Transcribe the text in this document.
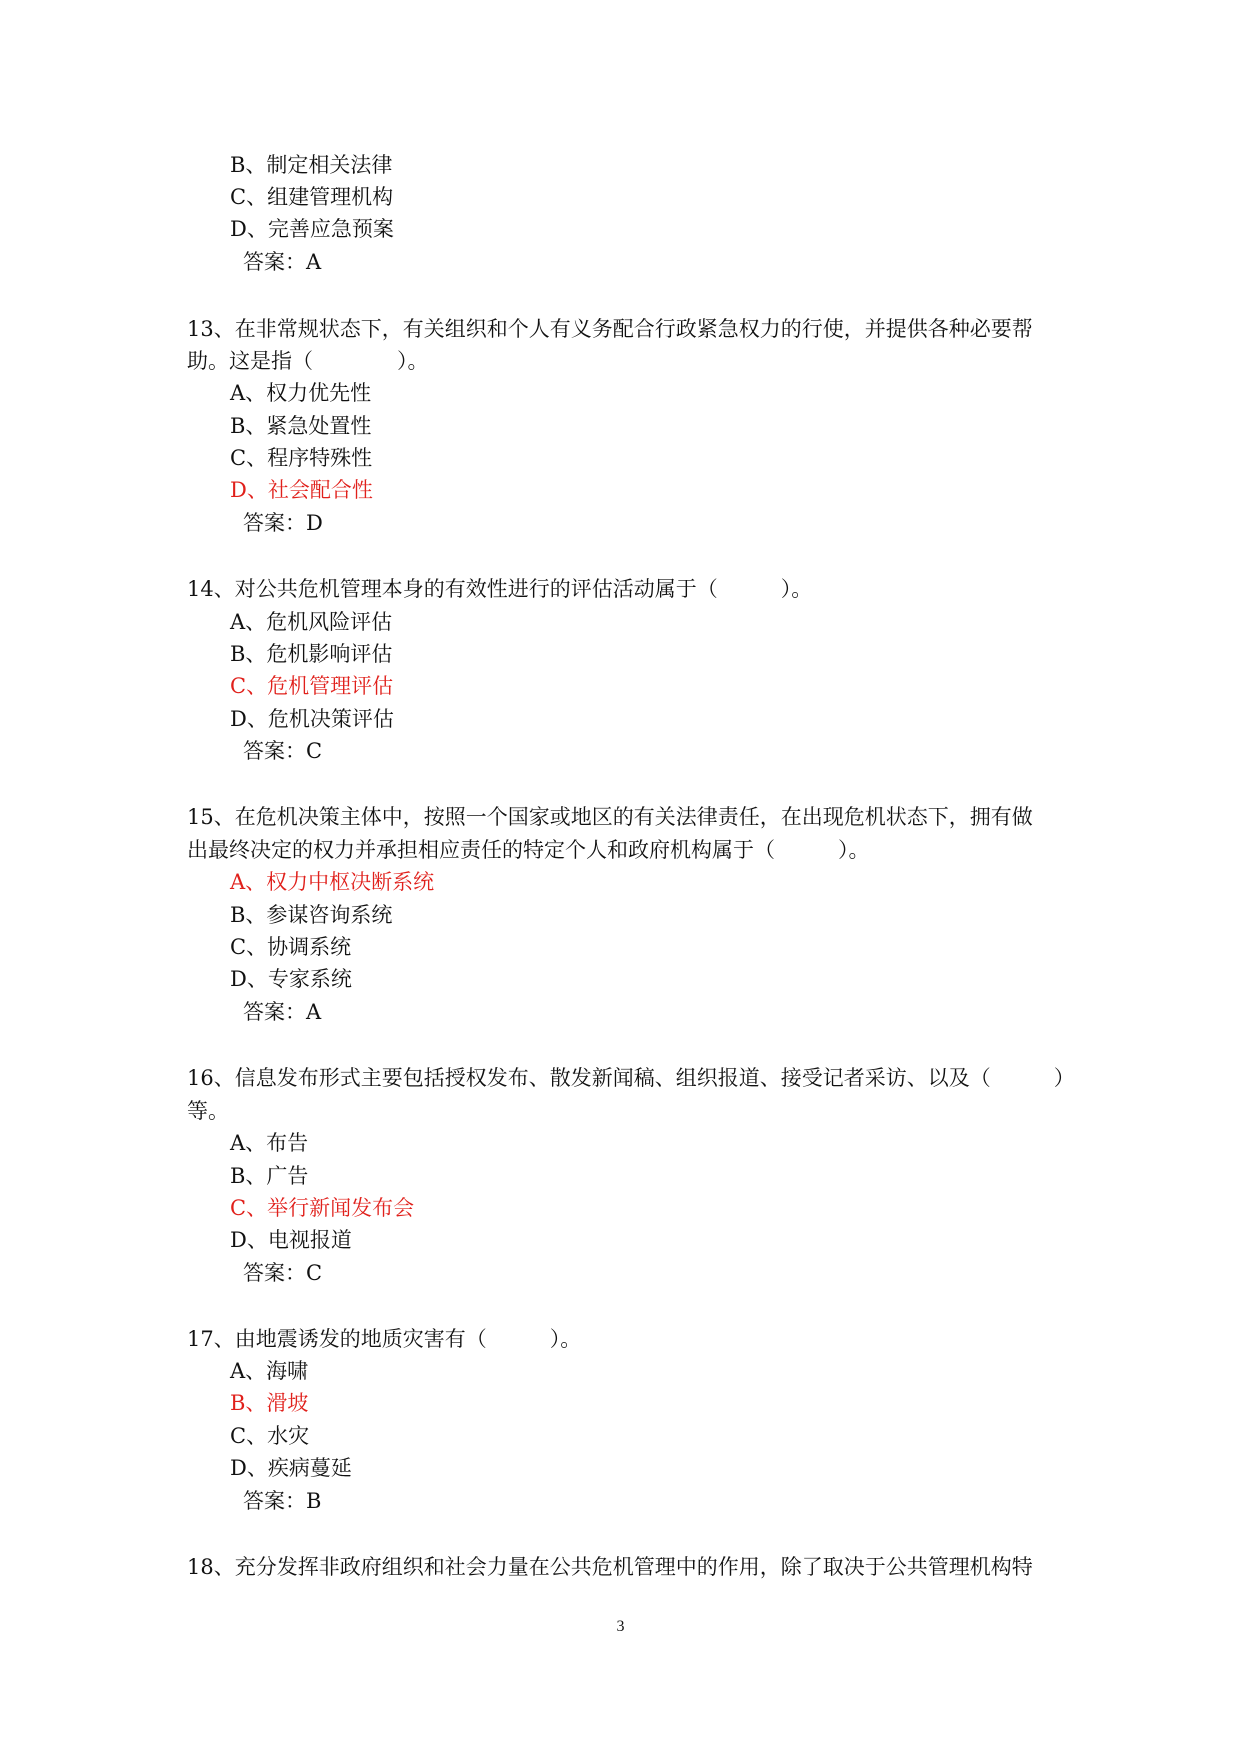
B、制定相关法律
C、组建管理机构
D、完善应急预案
答案：A
13、在非常规状态下，有关组织和个人有义务配合行政紧急权力的行使，并提供各种必要帮
助。这是指（　　　　）。
A、权力优先性
B、紧急处置性
C、程序特殊性
D、社会配合性
答案：D
14、对公共危机管理本身的有效性进行的评估活动属于（　　　）。
A、危机风险评估
B、危机影响评估
C、危机管理评估
D、危机决策评估
答案：C
15、在危机决策主体中，按照一个国家或地区的有关法律责任，在出现危机状态下，拥有做
出最终决定的权力并承担相应责任的特定个人和政府机构属于（　　　）。
A、权力中枢决断系统
B、参谋咨询系统
C、协调系统
D、专家系统
答案：A
16、信息发布形式主要包括授权发布、散发新闻稿、组织报道、接受记者采访、以及（　　　）
等。
A、布告
B、广告
C、举行新闻发布会
D、电视报道
答案：C
17、由地震诱发的地质灾害有（　　　）。
A、海啸
B、滑坡
C、水灾
D、疾病蔓延
答案：B
18、充分发挥非政府组织和社会力量在公共危机管理中的作用，除了取决于公共管理机构特
3
